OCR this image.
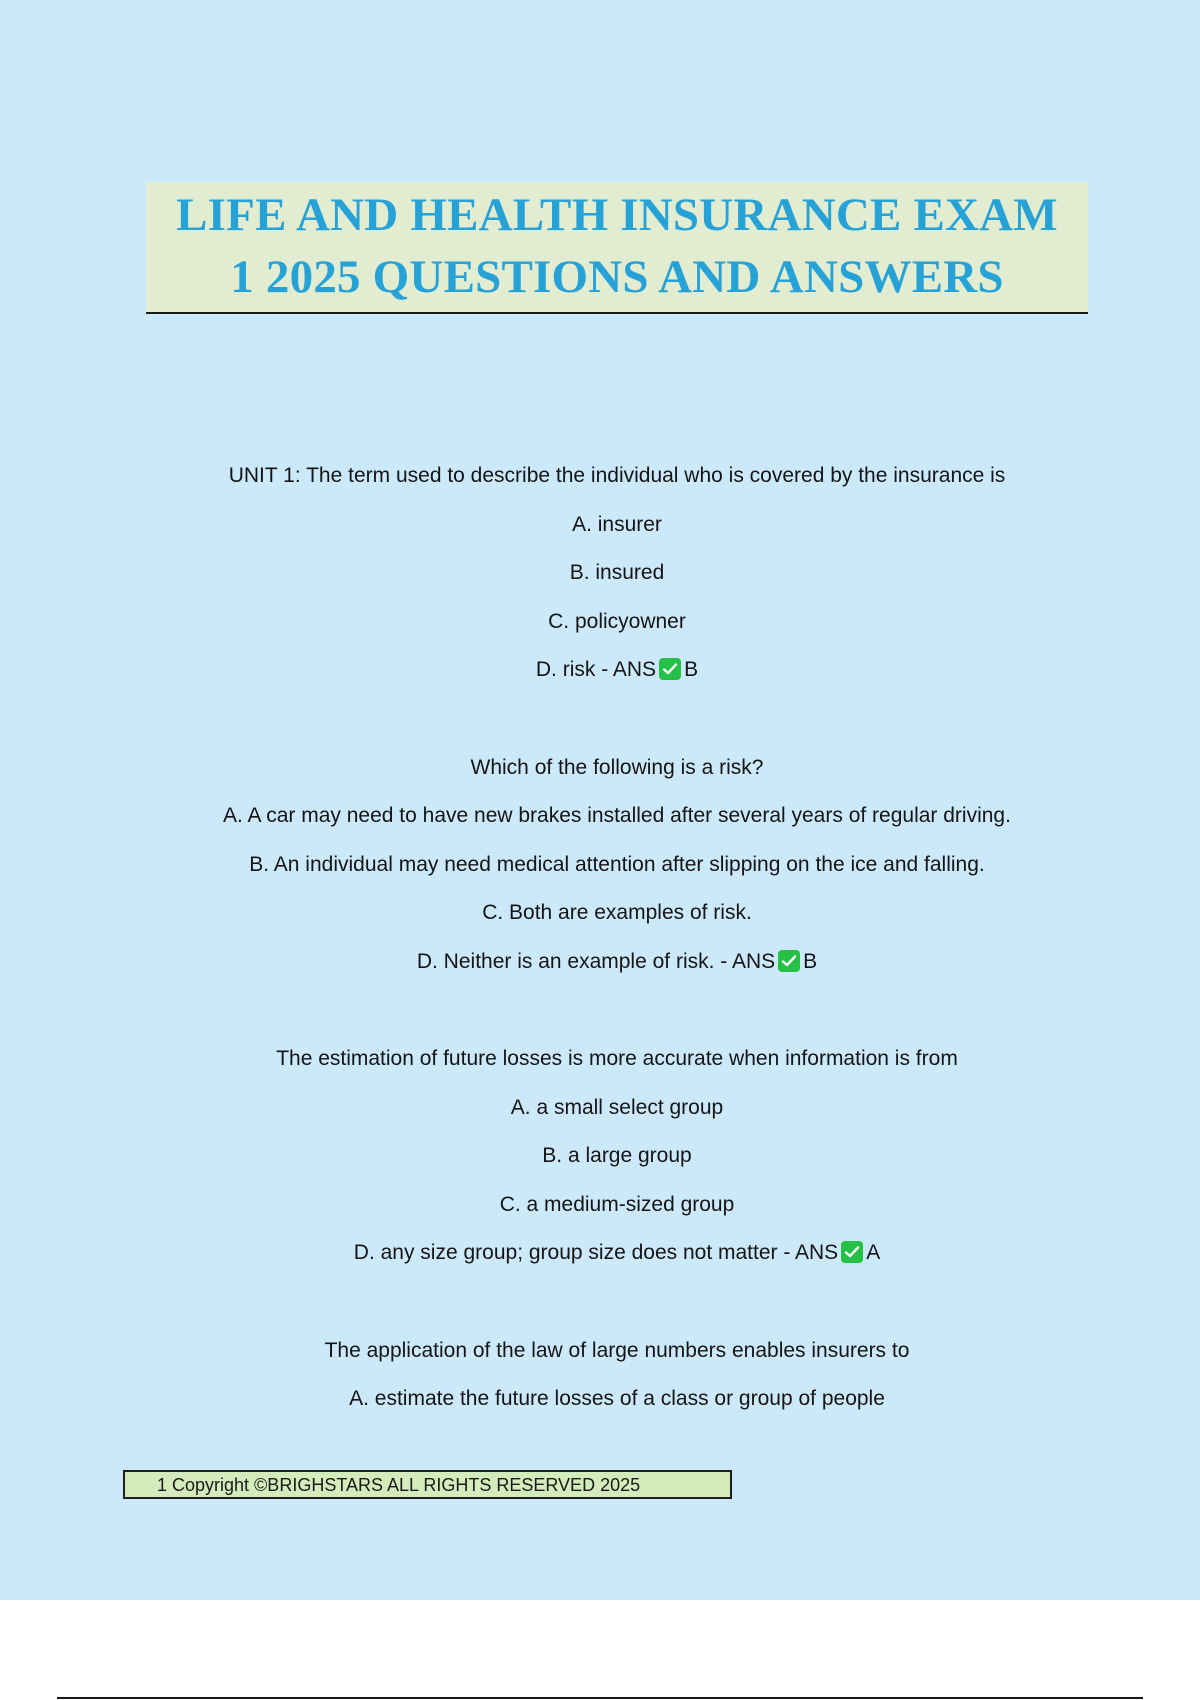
LIFE AND HEALTH INSURANCE EXAM
1 2025 QUESTIONS AND ANSWERS
UNIT 1: The term used to describe the individual who is covered by the insurance is
A. insurer
B. insured
C. policyowner
D. risk - ANS B
Which of the following is a risk?
A. A car may need to have new brakes installed after several years of regular driving.
B. An individual may need medical attention after slipping on the ice and falling.
C. Both are examples of risk.
D. Neither is an example of risk. - ANS B
The estimation of future losses is more accurate when information is from
A. a small select group
B. a large group
C. a medium-sized group
D. any size group; group size does not matter - ANS A
The application of the law of large numbers enables insurers to
A. estimate the future losses of a class or group of people
1 Copyright ©BRIGHSTARS ALL RIGHTS RESERVED 2025
